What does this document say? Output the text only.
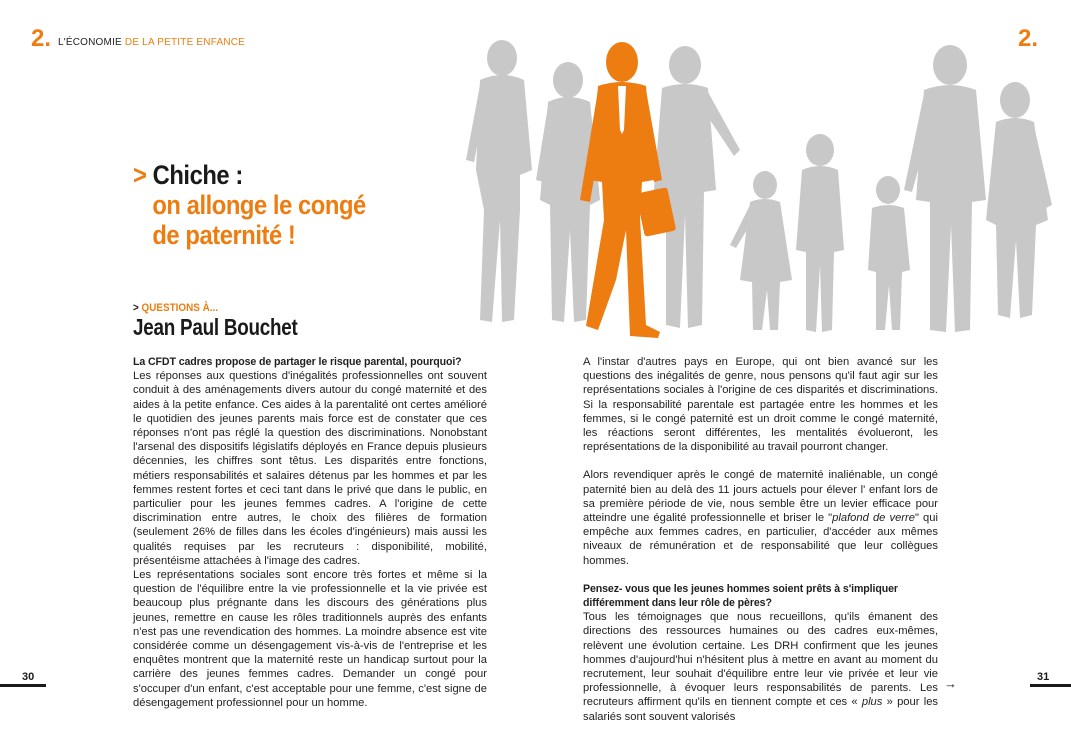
2. L'ÉCONOMIE DE LA PETITE ENFANCE	2.
> Chiche :
on allonge le congé
de paternité !
> QUESTIONS À...
Jean Paul Bouchet

La CFDT cadres propose de partager le risque parental, pourquoi?

Les réponses aux questions d'inégalités professionnelles ont souvent conduit à des aménagements divers autour du congé maternité et des aides à la petite enfance. Ces aides à la parentalité ont certes amélioré le quotidien des jeunes parents mais force est de constater que ces réponses n'ont pas réglé la question des discriminations. Nonobstant l'arsenal des dispositifs législatifs déployés en France depuis plusieurs décennies, les chiffres sont têtus. Les disparités entre fonctions, métiers responsabilités et salaires détenus par les hommes et par les femmes restent fortes et ceci tant dans le privé que dans le public, en particulier pour les jeunes femmes cadres. A l'origine de cette discrimination entre autres, le choix des filières de formation (seulement 26% de filles dans les écoles d'ingénieurs) mais aussi les qualités requises par les recruteurs : disponibilité, mobilité, présentéisme attachées à l'image des cadres.

Les représentations sociales sont encore très fortes et même si la question de l'équilibre entre la vie professionnelle et la vie privée est beaucoup plus prégnante dans les discours des générations plus jeunes, remettre en cause les rôles traditionnels auprès des enfants n'est pas une revendication des hommes. La moindre absence est vite considérée comme un désengagement vis-à-vis de l'entreprise et les enquêtes montrent que la maternité reste un handicap surtout pour la carrière des jeunes femmes cadres. Demander un congé pour s'occuper d'un enfant, c'est acceptable pour une femme, c'est signe de désengagement professionnel pour un homme.

A l'instar d'autres pays en Europe, qui ont bien avancé sur les questions des inégalités de genre, nous pensons qu'il faut agir sur les représentations sociales à l'origine de ces disparités et discriminations. Si la responsabilité parentale est partagée entre les hommes et les femmes, si le congé paternité est un droit comme le congé maternité, les réactions seront différentes, les mentalités évolueront, les représentations de la disponibilité au travail pourront changer.

Alors revendiquer après le congé de maternité inaliénable, un congé paternité bien au delà des 11 jours actuels pour élever l' enfant lors de sa première période de vie, nous semble être un levier efficace pour atteindre une égalité professionnelle et briser le "plafond de verre" qui empêche aux femmes cadres, en particulier, d'accéder aux mêmes niveaux de rémunération et de responsabilité que leur collègues hommes.

Pensez- vous que les jeunes hommes soient prêts à s'impliquer différemment dans leur rôle de pères?

Tous les témoignages que nous recueillons, qu'ils émanent des directions des ressources humaines ou des cadres eux-mêmes, relèvent une évolution certaine. Les DRH confirment que les jeunes hommes d'aujourd'hui n'hésitent plus à mettre en avant au moment du recrutement, leur souhait d'équilibre entre leur vie privée et leur vie professionnelle, à évoquer leurs responsabilités de parents. Les recruteurs affirment qu'ils en tiennent compte et ces « plus » pour les salariés sont souvent valorisés

→
30	31
